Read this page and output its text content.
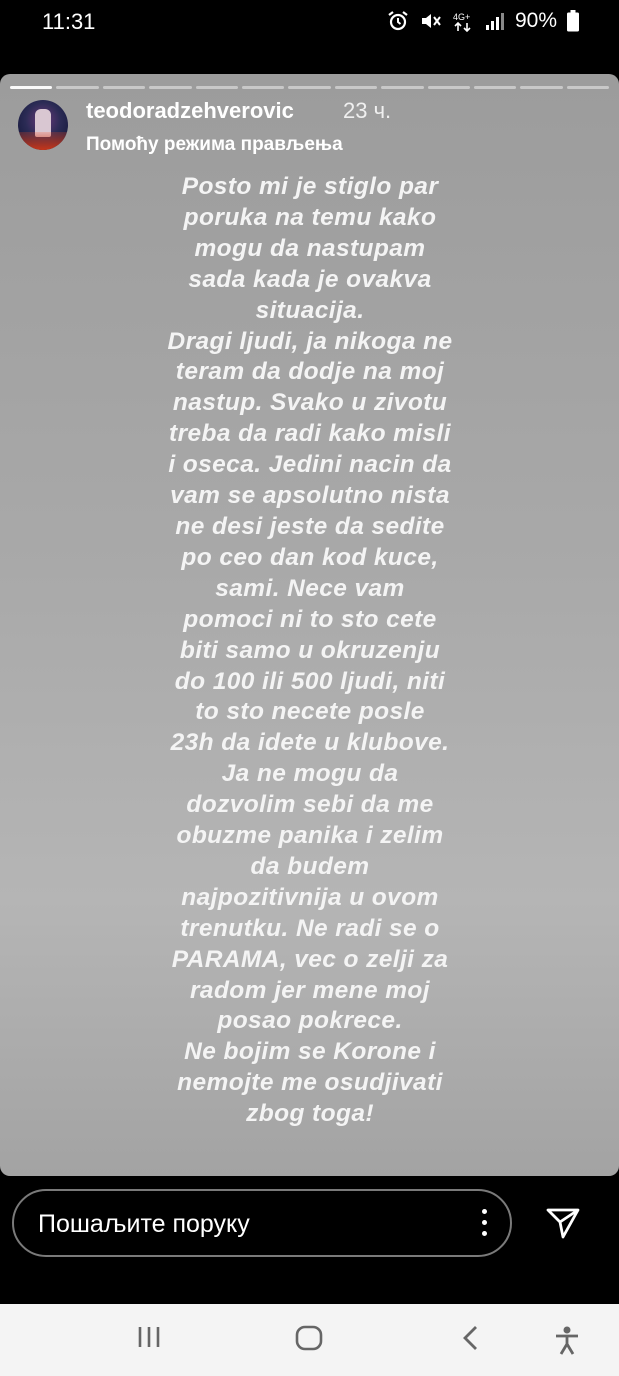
11:31	4G+ 90%
teodoradzehverovic 23 ч.
Помоћу режима прављења
Posto mi je stiglo par
poruka na temu kako
mogu da nastupam
sada kada je ovakva
situacija.
Dragi ljudi, ja nikoga ne
teram da dodje na moj
nastup. Svako u zivotu
treba da radi kako misli
i oseca. Jedini nacin da
vam se apsolutno nista
ne desi jeste da sedite
po ceo dan kod kuce,
sami. Nece vam
pomoci ni to sto cete
biti samo u okruzenju
do 100 ili 500 ljudi, niti
to sto necete posle
23h da idete u klubove.
Ja ne mogu da
dozvolim sebi da me
obuzme panika i zelim
da budem
najpozitivnija u ovom
trenutku. Ne radi se o
PARAMA, vec o zelji za
radom jer mene moj
posao pokrece.
Ne bojim se Korone i
nemojte me osudjivati
zbog toga!
Пошаљите поруку
